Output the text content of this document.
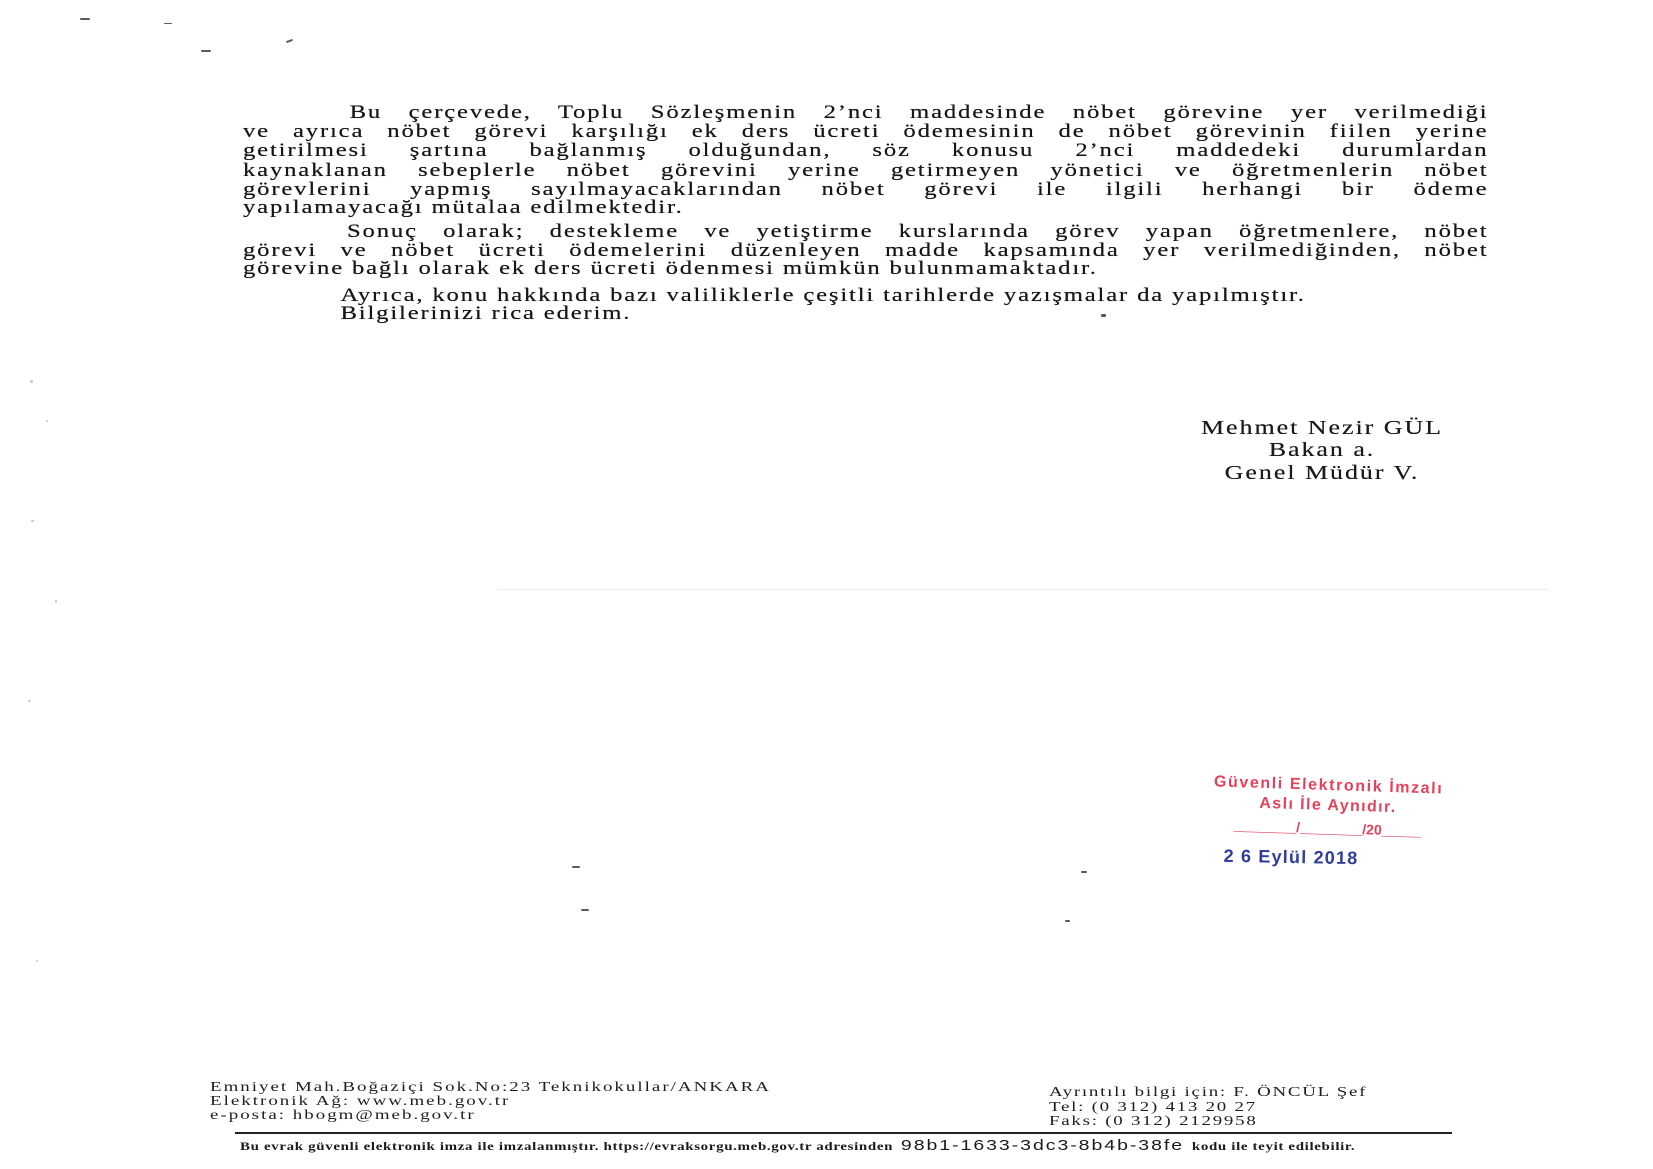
Bu çerçevede, Toplu Sözleşmenin 2’nci maddesinde nöbet görevine yer verilmediği
ve ayrıca nöbet görevi karşılığı ek ders ücreti ödemesinin de nöbet görevinin fiilen yerine
getirilmesi şartına bağlanmış olduğundan, söz konusu 2’nci maddedeki durumlardan
kaynaklanan sebeplerle nöbet görevini yerine getirmeyen yönetici ve öğretmenlerin nöbet
görevlerini yapmış sayılmayacaklarından nöbet görevi ile ilgili herhangi bir ödeme
yapılamayacağı mütalaa edilmektedir.
Sonuç olarak; destekleme ve yetiştirme kurslarında görev yapan öğretmenlere, nöbet
görevi ve nöbet ücreti ödemelerini düzenleyen madde kapsamında yer verilmediğinden, nöbet
görevine bağlı olarak ek ders ücreti ödenmesi mümkün bulunmamaktadır.
Ayrıca, konu hakkında bazı valiliklerle çeşitli tarihlerde yazışmalar da yapılmıştır.
Bilgilerinizi rica ederim.
Mehmet Nezir GÜL
Bakan a.
Genel Müdür V.
Güvenli Elektronik İmzalı
Aslı İle Aynıdır.
________/________/20_____
2 6 Eylül 2018
Emniyet Mah.Boğaziçi Sok.No:23 Teknikokullar/ANKARA
Elektronik Ağ: www.meb.gov.tr
e-posta: hbogm@meb.gov.tr
Ayrıntılı bilgi için: F. ÖNCÜL Şef
Tel: (0 312) 413 20 27
Faks: (0 312) 2129958
Bu evrak güvenli elektronik imza ile imzalanmıştır. https://evraksorgu.meb.gov.tr adresinden 98b1-1633-3dc3-8b4b-38fe kodu ile teyit edilebilir.
